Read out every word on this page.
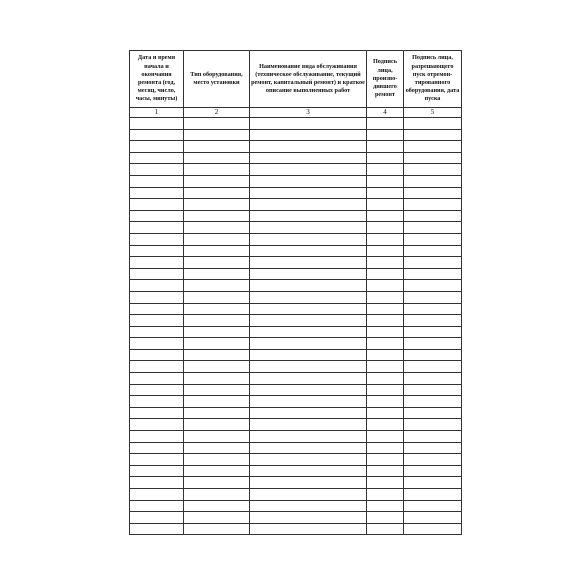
Дата и время начала и окончания ремонта (год, месяц, число, часы, минуты)	Тип оборудования, место установки	Наименование вида обслуживания (техническое обслуживание, текущий ремонт, капитальный ремонт) и краткое описание выполненных работ	Подпись лица, произво- дившего ремонт	Подпись лица, разрешающего пуск отремон- тированного оборудования, дата пуска
1	2	3	4	5
